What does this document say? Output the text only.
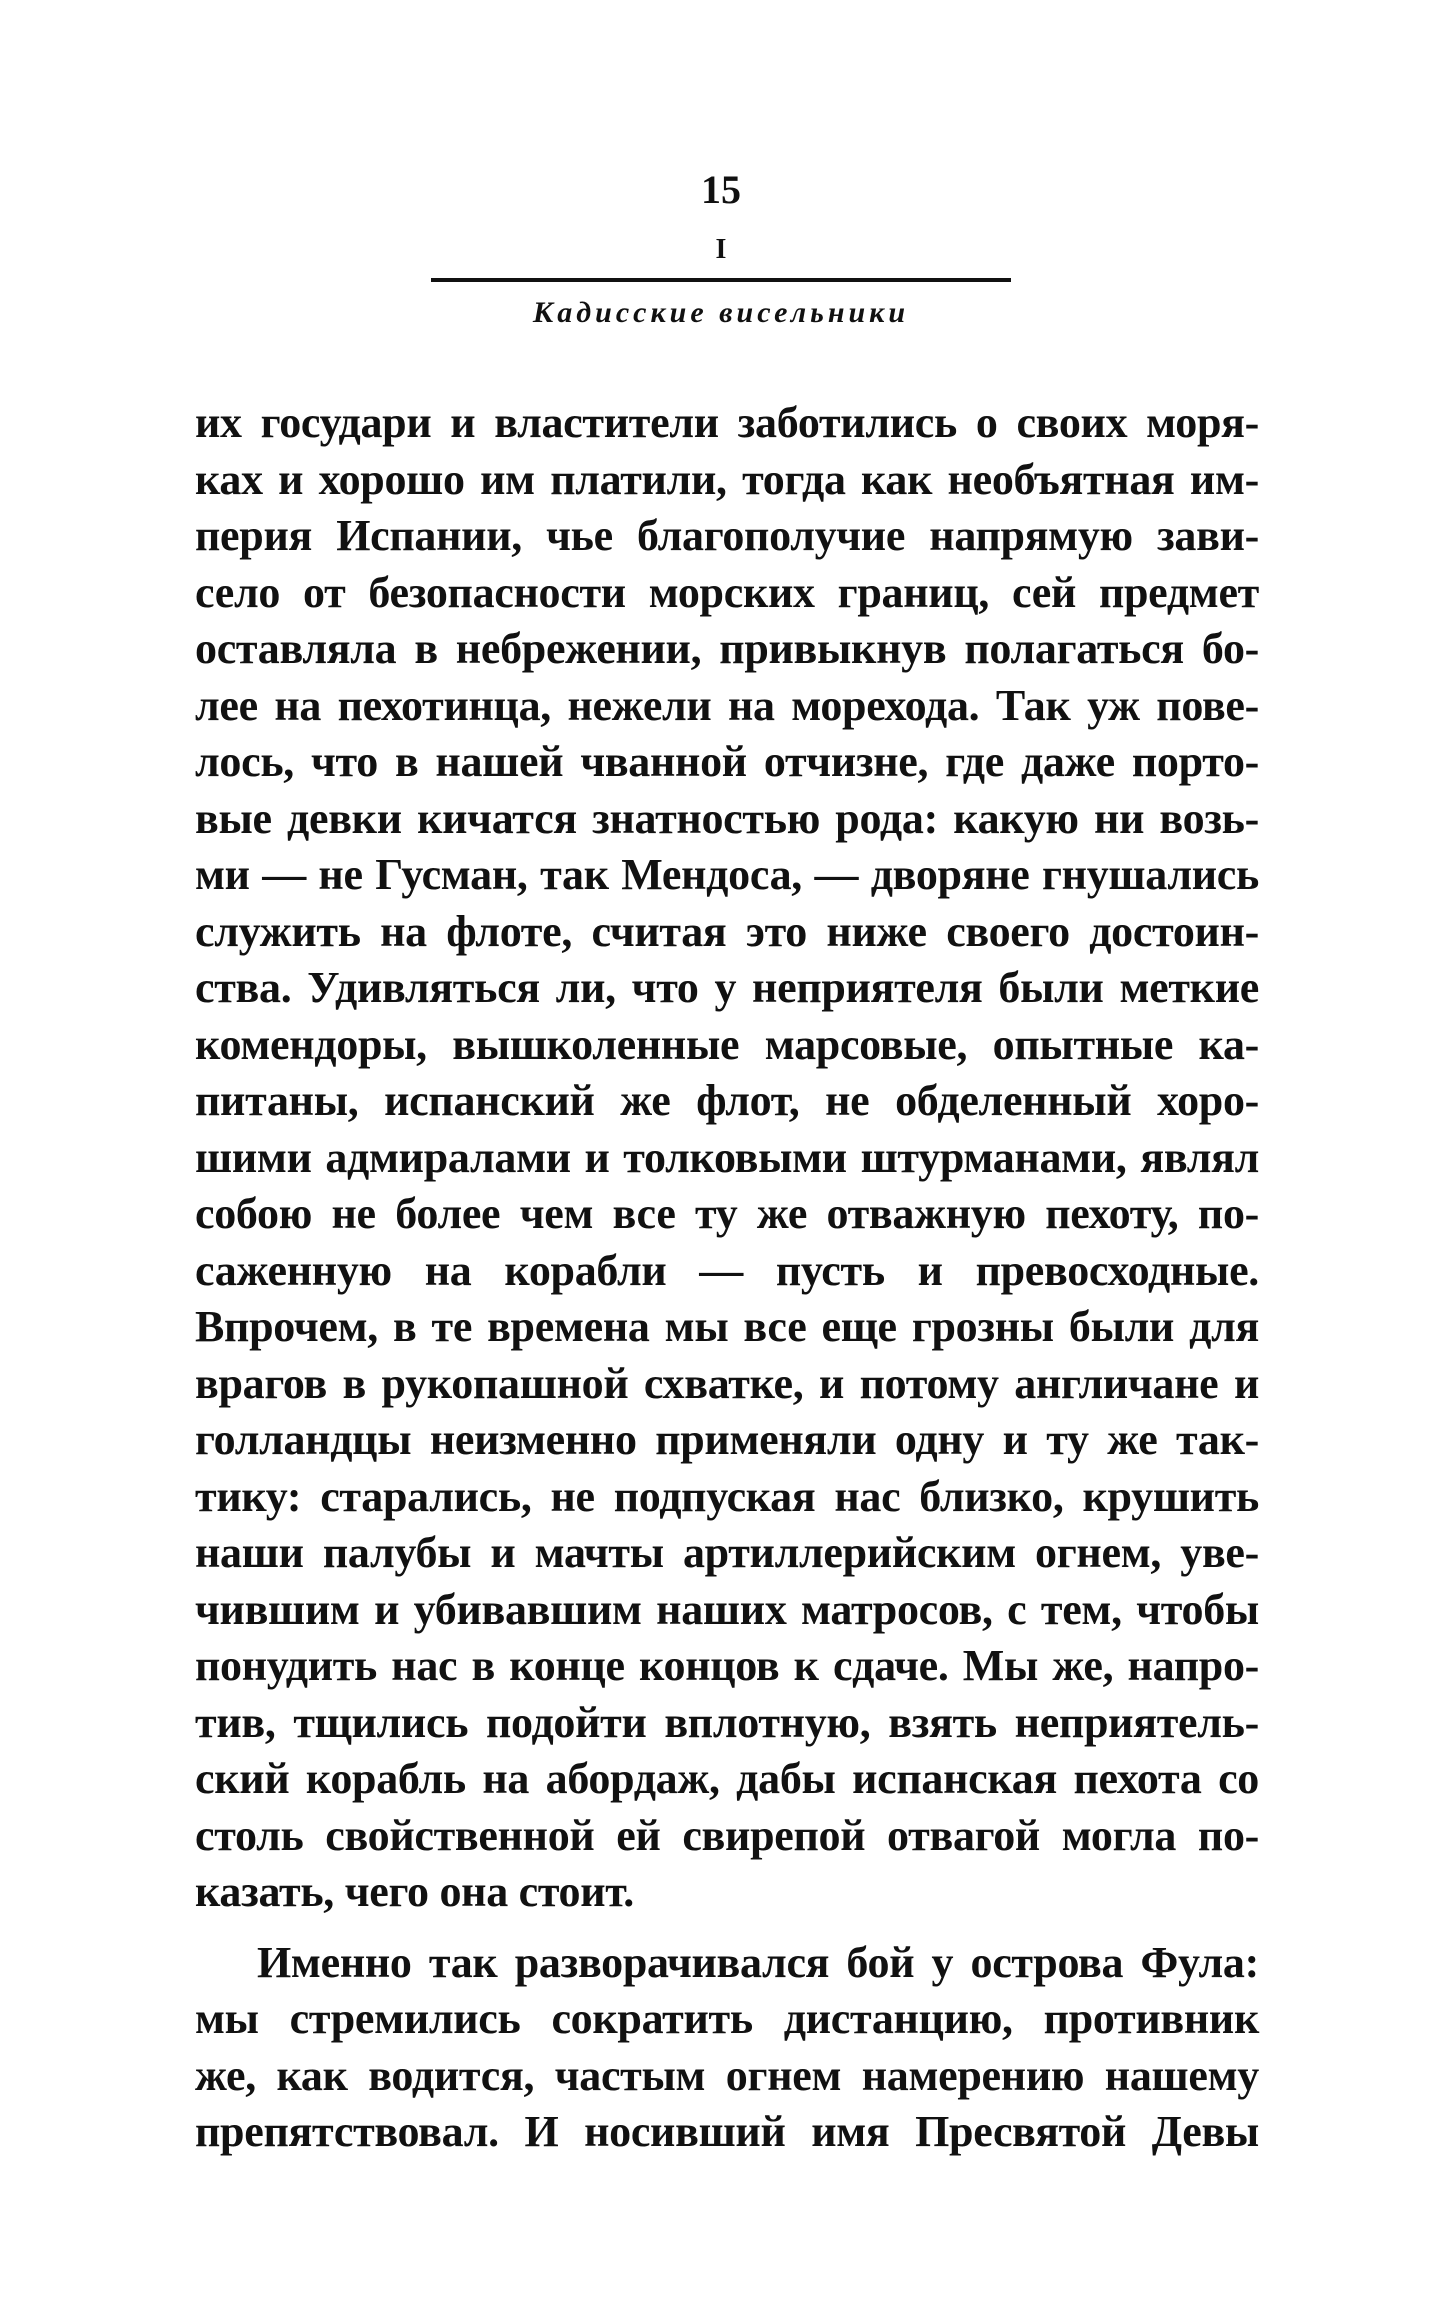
15
I
Кадисские висельники
их государи и властители заботились о своих моря-
ках и хорошо им платили, тогда как необъятная им-
перия Испании, чье благополучие напрямую зави-
село от безопасности морских границ, сей предмет
оставляла в небрежении, привыкнув полагаться бо-
лее на пехотинца, нежели на мореходa. Так уж пове-
лось, что в нашей чванной отчизне, где даже порто-
вые девки кичатся знатностью рода: какую ни возь-
ми — не Гусман, так Мендоса, — дворяне гнушались
служить на флоте, считая это ниже своего достоин-
ства. Удивляться ли, что у неприятеля были меткие
комендоры, вышколенные марсовые, опытные ка-
питаны, испанский же флот, не обделенный хоро-
шими адмиралами и толковыми штурманами, являл
собою не более чем все ту же отважную пехоту, по-
саженную на корабли — пусть и превосходные.
Впрочем, в те времена мы все еще грозны были для
врагов в рукопашной схватке, и потому англичане и
голландцы неизменно применяли одну и ту же так-
тику: старались, не подпуская нас близко, крушить
наши палубы и мачты артиллерийским огнем, уве-
чившим и убивавшим наших матросов, с тем, чтобы
понудить нас в конце концов к сдаче. Мы же, напро-
тив, тщились подойти вплотную, взять неприятель-
ский корабль на абордаж, дабы испанская пехота со
столь свойственной ей свирепой отвагой могла по-
казать, чего она стоит.
Именно так разворачивался бой у острова Фула:
мы стремились сократить дистанцию, противник
же, как водится, частым огнем намерению нашему
препятствовал. И носивший имя Пресвятой Девы
